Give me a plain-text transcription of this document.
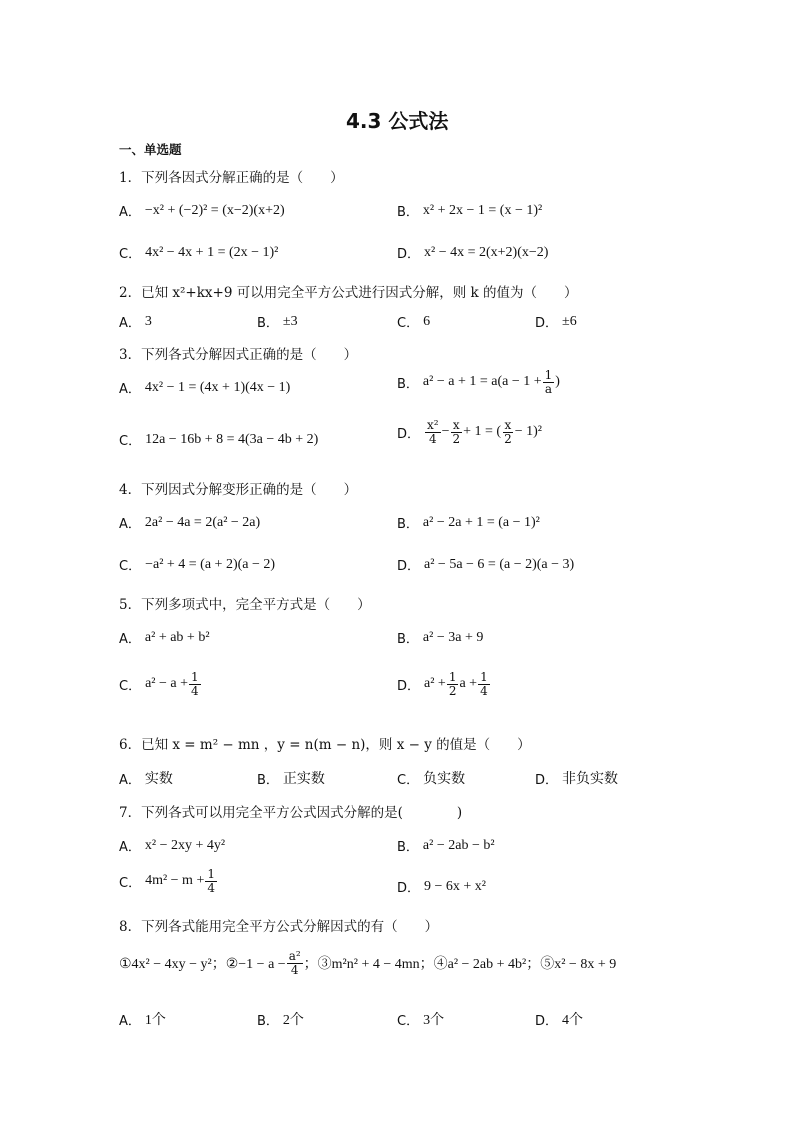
4.3 公式法
一、单选题
1．下列各因式分解正确的是（　　）
A． −x² + (−2)² = (x−2)(x+2)	B． x² + 2x − 1 = (x − 1)²
C． 4x² − 4x + 1 = (2x − 1)²	D． x² − 4x = 2(x+2)(x−2)
2．已知 x²+kx+9 可以用完全平方公式进行因式分解，则 k 的值为（　　）
A． 3	B． ±3	C． 6	D． ±6
3．下列各式分解因式正确的是（　　）
A． 4x² − 1 = (4x + 1)(4x − 1)	B． $a^2 - a + 1 = a(a - 1 + \frac{1}{a}$ )
C． 12a − 16b + 8 = 4(3a − 4b + 2)	D． $\frac{\text{x²}}{4} - \frac{x}{2} + 1$ = ( $\frac{x}{2} - 1)^2$
4．下列因式分解变形正确的是（　　）
A． 2a² − 4a = 2(a² − 2a)	B． a² − 2a + 1 = (a − 1)²
C． −a² + 4 = (a + 2)(a − 2)	D． a² − 5a − 6 = (a − 2)(a − 3)
5．下列多项式中，完全平方式是（　　）
A． a² + ab + b²	B． a² − 3a + 9
C． $a^2 - a + \frac{1}{4}$	D． $a^2 + \frac{1}{2}$ $a + \frac{1}{4}$
6．已知 x = m² − mn ，y = n(m − n)，则 x − y 的值是（　　）
A． 实数	B． 正实数	C． 负实数	D． 非负实数
7．下列各式可以用完全平方公式因式分解的是(　　　　)
A． x² − 2xy + 4y²	B． a² − 2ab − b²
C． $4m^2 - m + \frac{1}{4}$	D． 9 − 6x + x²
8．下列各式能用完全平方公式分解因式的有（　　）
①4x² − 4xy − y²；②−1 − $a - \frac{\text{a²}}{4}$ ；③m²n² + 4 − 4mn；④a² − 2ab + 4b²；⑤x² − 8x + 9
A． 1个	B． 2个	C． 3个	D． 4个
